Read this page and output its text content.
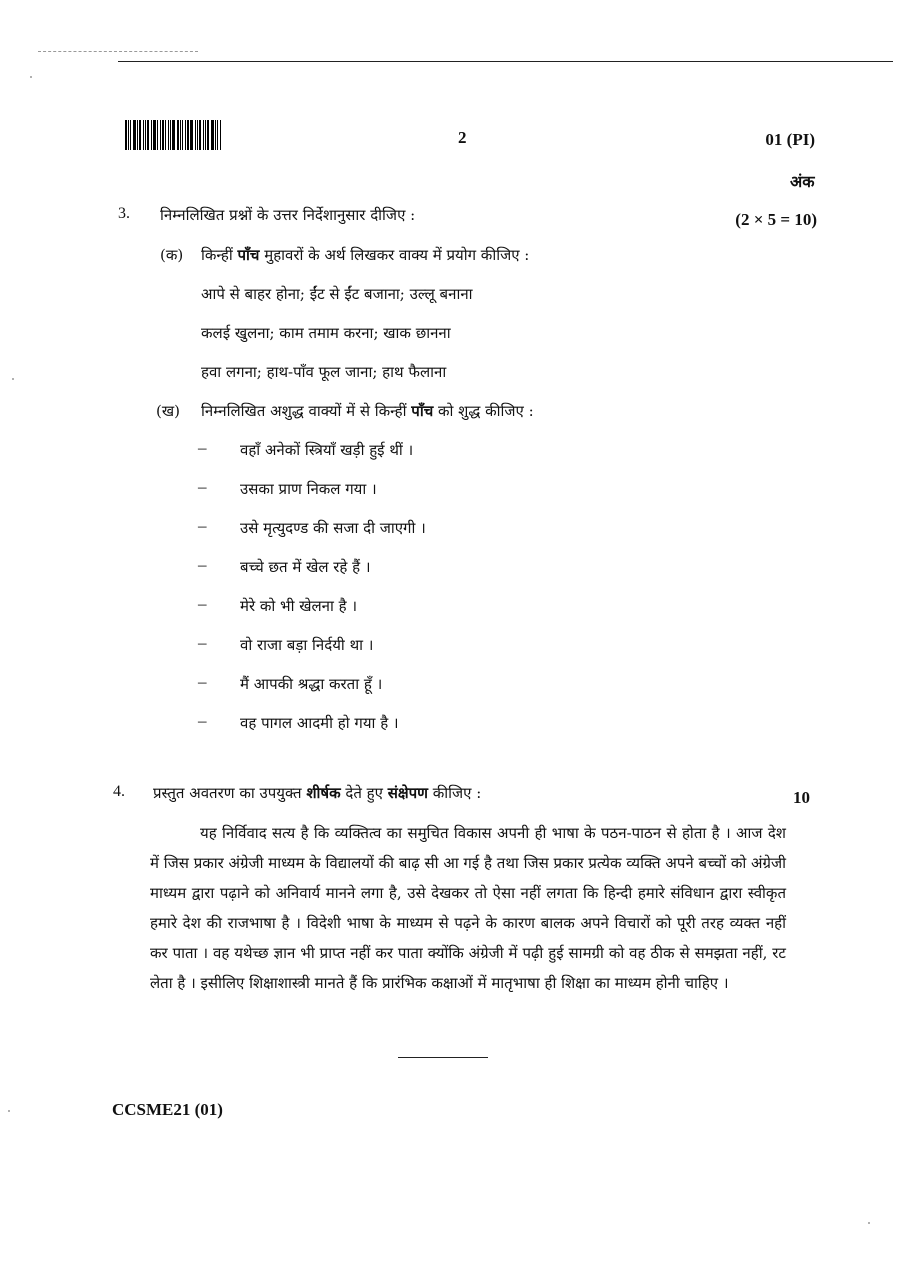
2	01 (PI)
अंक
3. निम्नलिखित प्रश्नों के उत्तर निर्देशानुसार दीजिए :	(2 × 5 = 10)
(क) किन्हीं पाँच मुहावरों के अर्थ लिखकर वाक्य में प्रयोग कीजिए :
आपे से बाहर होना; ईंट से ईंट बजाना; उल्लू बनाना
कलई खुलना; काम तमाम करना; खाक छानना
हवा लगना; हाथ-पाँव फूल जाना; हाथ फैलाना
(ख) निम्नलिखित अशुद्ध वाक्यों में से किन्हीं पाँच को शुद्ध कीजिए :
– वहाँ अनेकों स्त्रियाँ खड़ी हुई थीं ।
– उसका प्राण निकल गया ।
– उसे मृत्युदण्ड की सजा दी जाएगी ।
– बच्चे छत में खेल रहे हैं ।
– मेरे को भी खेलना है ।
– वो राजा बड़ा निर्दयी था ।
– मैं आपकी श्रद्धा करता हूँ ।
– वह पागल आदमी हो गया है ।
4. प्रस्तुत अवतरण का उपयुक्त शीर्षक देते हुए संक्षेपण कीजिए :	10
यह निर्विवाद सत्य है कि व्यक्तित्व का समुचित विकास अपनी ही भाषा के पठन-पाठन से होता है । आज देश में जिस प्रकार अंग्रेजी माध्यम के विद्यालयों की बाढ़ सी आ गई है तथा जिस प्रकार प्रत्येक व्यक्ति अपने बच्चों को अंग्रेजी माध्यम द्वारा पढ़ाने को अनिवार्य मानने लगा है, उसे देखकर तो ऐसा नहीं लगता कि हिन्दी हमारे संविधान द्वारा स्वीकृत हमारे देश की राजभाषा है । विदेशी भाषा के माध्यम से पढ़ने के कारण बालक अपने विचारों को पूरी तरह व्यक्त नहीं कर पाता । वह यथेच्छ ज्ञान भी प्राप्त नहीं कर पाता क्योंकि अंग्रेजी में पढ़ी हुई सामग्री को वह ठीक से समझता नहीं, रट लेता है । इसीलिए शिक्षाशास्त्री मानते हैं कि प्रारंभिक कक्षाओं में मातृभाषा ही शिक्षा का माध्यम होनी चाहिए ।
CCSME21 (01)
